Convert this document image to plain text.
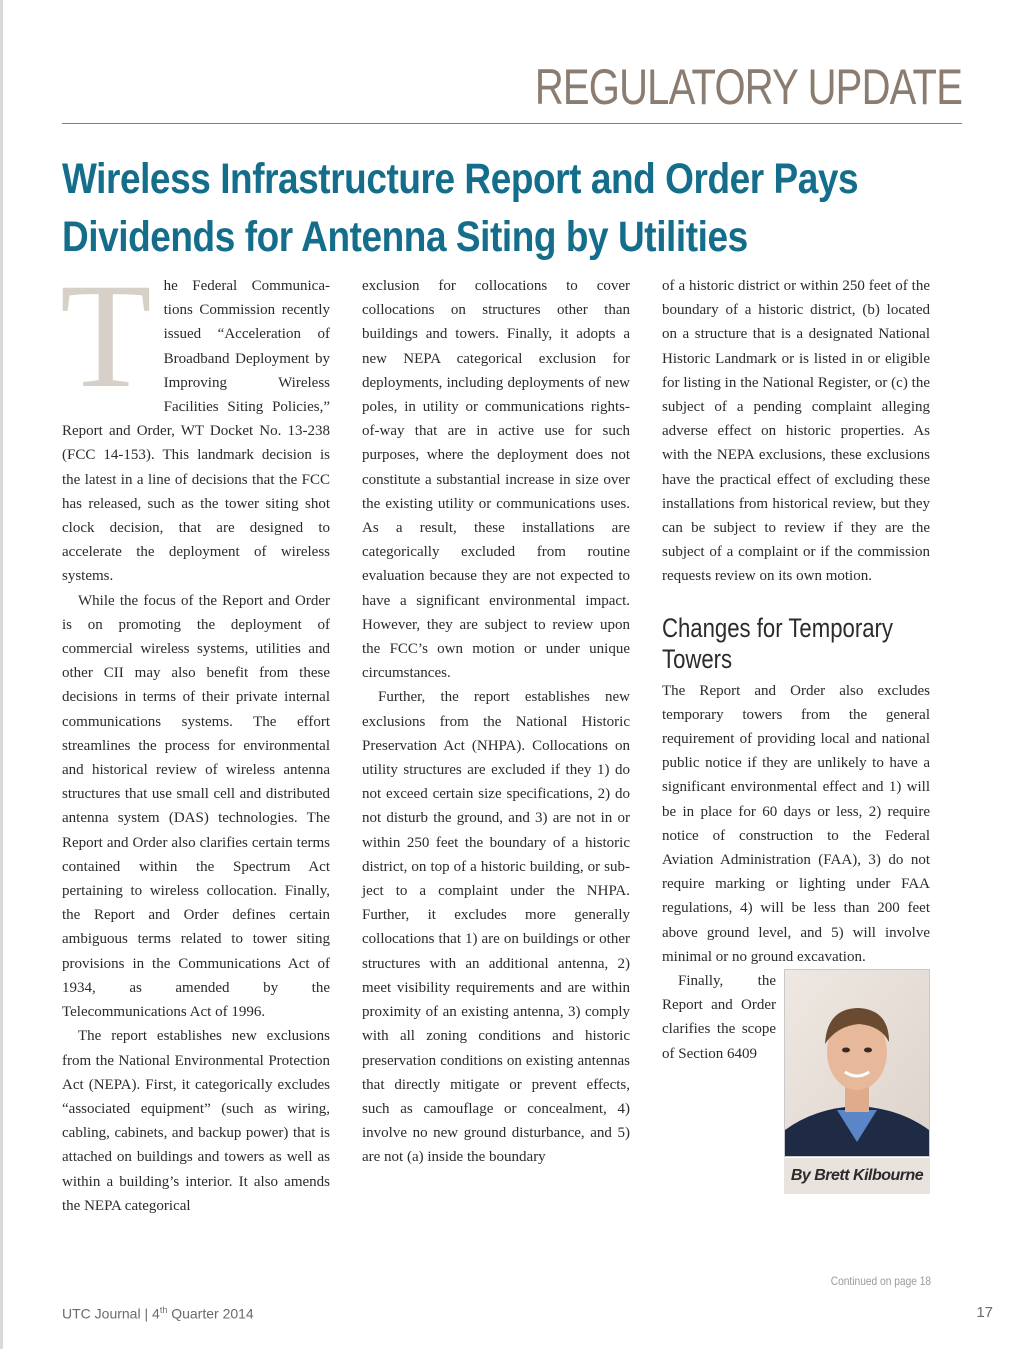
REGULATORY UPDATE
Wireless Infrastructure Report and Order Pays
Dividends for Antenna Siting by Utilities
T he Federal Communications Commission recently issued “Acceleration of Broadband Deployment by Improving Wireless Facilities Siting Policies,” Report and Order, WT Docket No. 13-238 (FCC 14-153). This landmark decision is the latest in a line of decisions that the FCC has released, such as the tower siting shot clock decision, that are designed to accelerate the deployment of wireless systems.

While the focus of the Report and Order is on promoting the deployment of commercial wireless systems, utilities and other CII may also benefit from these decisions in terms of their private internal communications systems. The effort streamlines the process for environmental and historical review of wireless antenna structures that use small cell and distributed antenna system (DAS) technologies. The Report and Order also clarifies certain terms contained within the Spectrum Act pertaining to wireless collocation. Finally, the Report and Order defines certain ambiguous terms related to tower siting provisions in the Communications Act of 1934, as amended by the Telecommunications Act of 1996.

The report establishes new exclusions from the National Environmental Protection Act (NEPA). First, it categorically excludes “associated equipment” (such as wiring, cabling, cabinets, and backup power) that is attached on buildings and towers as well as within a building’s interior. It also amends the NEPA categorical

exclusion for collocations to cover collocations on structures other than buildings and towers. Finally, it adopts a new NEPA categorical exclusion for deployments, including deployments of new poles, in utility or communications rights-of-way that are in active use for such purposes, where the deployment does not constitute a substantial increase in size over the existing utility or communications uses. As a result, these installations are categorically excluded from routine evaluation because they are not expected to have a significant environmental impact. However, they are subject to review upon the FCC’s own motion or under unique circumstances.

Further, the report establishes new exclusions from the National Historic Preservation Act (NHPA). Collocations on utility structures are excluded if they 1) do not exceed certain size specifications, 2) do not disturb the ground, and 3) are not in or within 250 feet the boundary of a historic district, on top of a historic building, or subject to a complaint under the NHPA. Further, it excludes more generally collocations that 1) are on buildings or other structures with an additional antenna, 2) meet visibility requirements and are within proximity of an existing antenna, 3) comply with all zoning conditions and historic preservation conditions on existing antennas that directly mitigate or prevent effects, such as camouflage or concealment, 4) involve no new ground disturbance, and 5) are not (a) inside the boundary

of a historic district or within 250 feet of the boundary of a historic district, (b) located on a structure that is a designated National Historic Landmark or is listed in or eligible for listing in the National Register, or (c) the subject of a pending complaint alleging adverse effect on historic properties. As with the NEPA exclusions, these exclusions have the practical effect of excluding these installations from historical review, but they can be subject to review if they are the subject of a complaint or if the commission requests review on its own motion.

Changes for Temporary Towers

The Report and Order also excludes temporary towers from the general requirement of providing local and national public notice if they are unlikely to have a significant environmental effect and 1) will be in place for 60 days or less, 2) require notice of construction to the Federal Aviation Administration (FAA), 3) do not require marking or lighting under FAA regulations, 4) will be less than 200 feet above ground level, and 5) will involve minimal or no ground excavation.

By Brett Kilbourne

Finally, the Report and Order clarifies the scope of Section 6409

Continued on page 18
UTC Journal | 4th Quarter 2014	17
